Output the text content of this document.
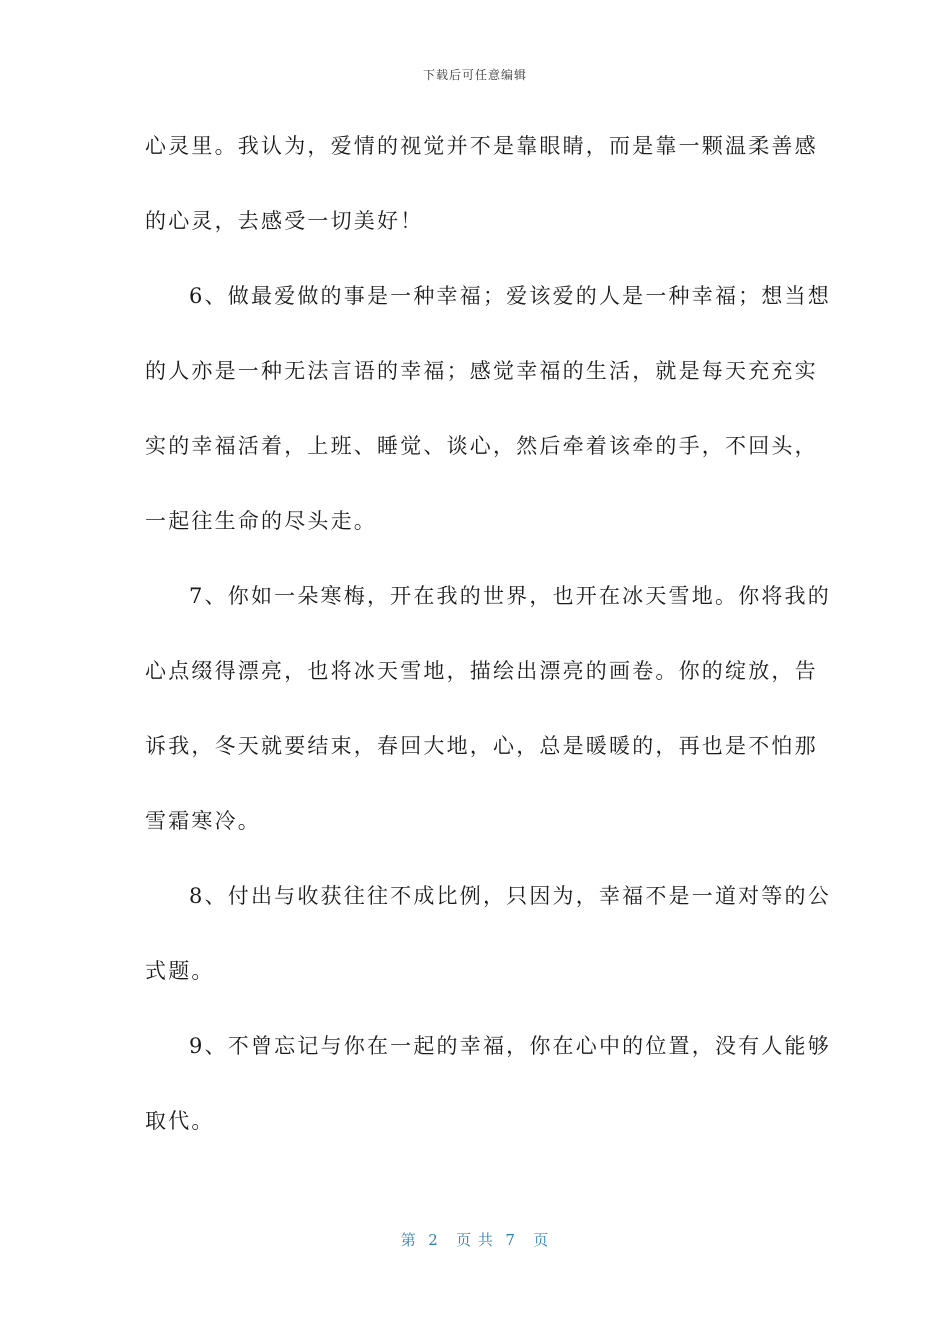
下载后可任意编辑
心灵里。我认为，爱情的视觉并不是靠眼睛，而是靠一颗温柔善感
的心灵，去感受一切美好！
6、做最爱做的事是一种幸福；爱该爱的人是一种幸福；想当想
的人亦是一种无法言语的幸福；感觉幸福的生活，就是每天充充实
实的幸福活着，上班、睡觉、谈心，然后牵着该牵的手，不回头，
一起往生命的尽头走。
7、你如一朵寒梅，开在我的世界，也开在冰天雪地。你将我的
心点缀得漂亮，也将冰天雪地，描绘出漂亮的画卷。你的绽放，告
诉我，冬天就要结束，春回大地，心，总是暖暖的，再也是不怕那
雪霜寒冷。
8、付出与收获往往不成比例，只因为，幸福不是一道对等的公
式题。
9、不曾忘记与你在一起的幸福，你在心中的位置，没有人能够
取代。
第  2   页 共  7   页
